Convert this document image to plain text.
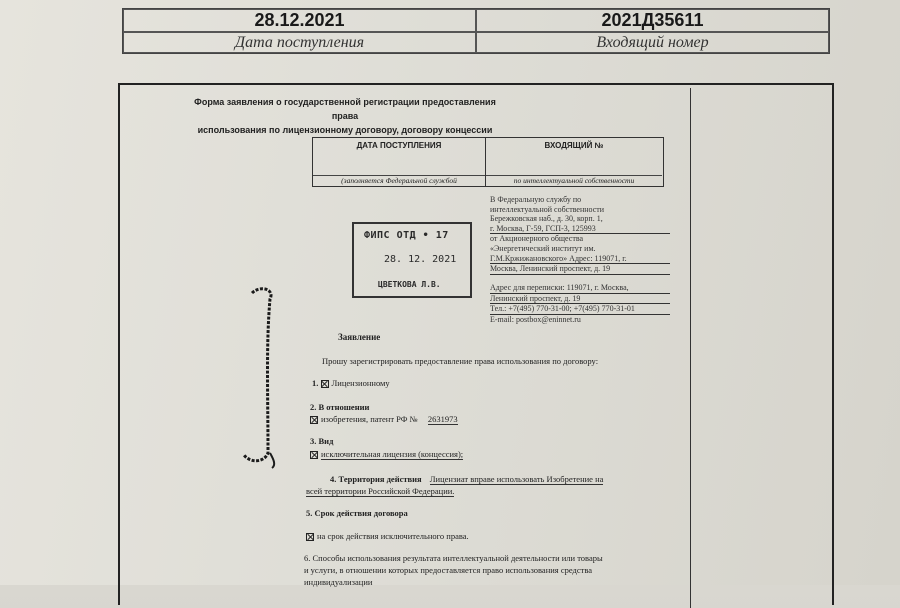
28.12.2021	2021Д35611
Дата поступления	Входящий номер
Форма заявления о государственной регистрации предоставления права
использования по лицензионному договору, договору концессии
ДАТА ПОСТУПЛЕНИЯ
(заполняется Федеральной службой
ВХОДЯЩИЙ №
по интеллектуальной собственности
В Федеральную службу по
интеллектуальной собственности
Бережковская наб., д. 30, корп. 1,
г. Москва, Г-59, ГСП-3, 125993
от Акционерного общества
«Энергетический институт им.
Г.М.Кржижановского» Адрес: 119071, г.
Москва, Ленинский проспект, д. 19
Адрес для переписки: 119071, г. Москва,
Ленинский проспект, д. 19
Тел.: +7(495) 770-31-00; +7(495) 770-31-01
E-mail: postbox@eninnet.ru
ФИПС ОТД • 17
28. 12. 2021
ЦВЕТКОВА Л.В.
Заявление
Прошу зарегистрировать предоставление права использования по договору:
1. Лицензионному
2. В отношении
изобретения, патент РФ № 2631973
3. Вид
исключительная лицензия (концессия);
4. Территория действия Лицензиат вправе использовать Изобретение на
всей территории Российской Федерации.
5. Срок действия договора
на срок действия исключительного права.
6. Способы использования результата интеллектуальной деятельности или товары
и услуги, в отношении которых предоставляется право использования средства
индивидуализации
